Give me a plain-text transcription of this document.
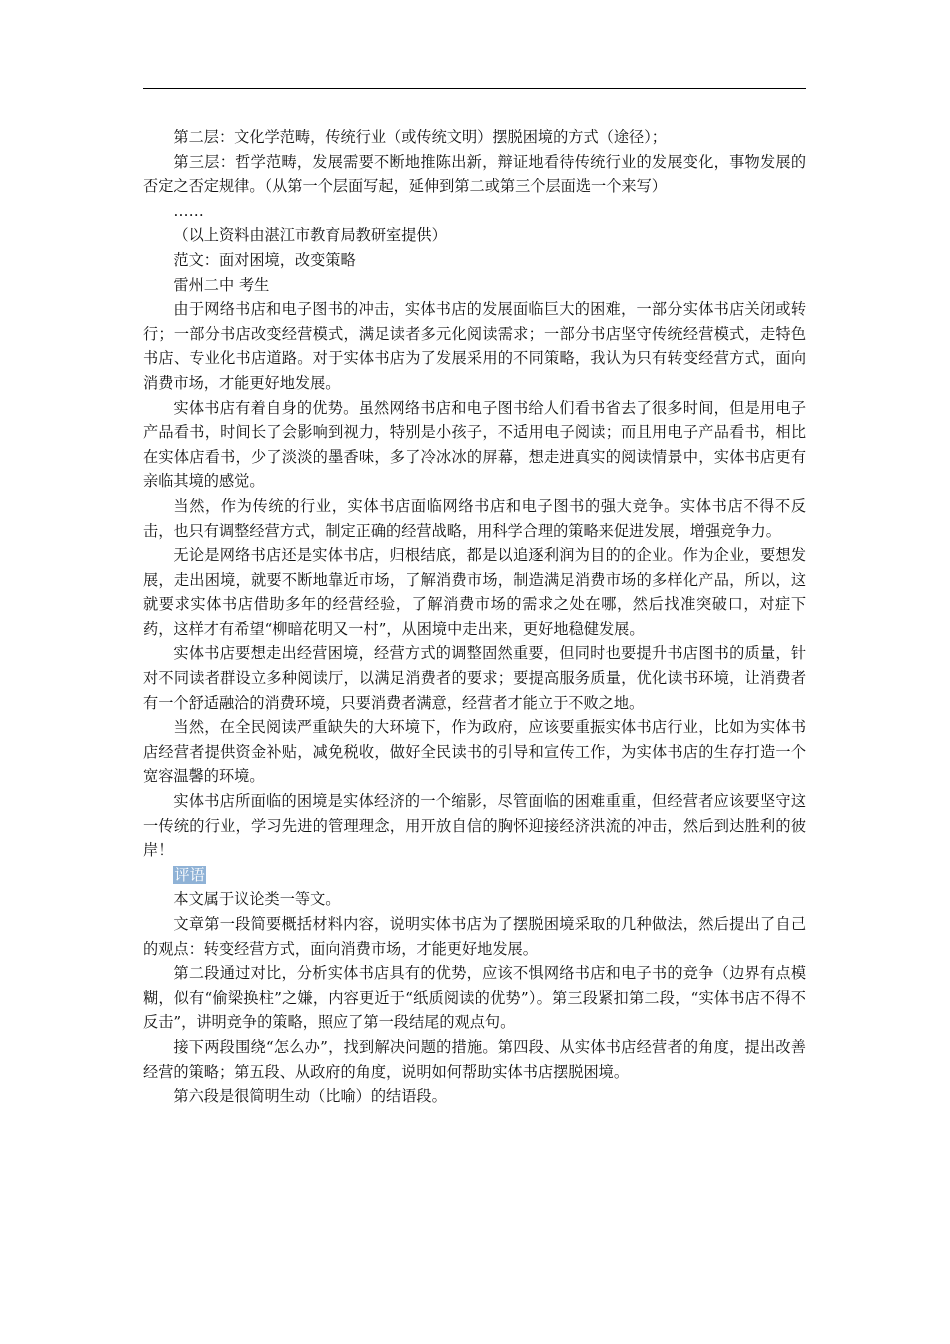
第二层：文化学范畴，传统行业（或传统文明）摆脱困境的方式（途径）；

第三层：哲学范畴，发展需要不断地推陈出新，辩证地看待传统行业的发展变化，事物发展的否定之否定规律。（从第一个层面写起，延伸到第二或第三个层面选一个来写）

……

（以上资料由湛江市教育局教研室提供）

范文：面对困境，改变策略

雷州二中 考生

由于网络书店和电子图书的冲击，实体书店的发展面临巨大的困难，一部分实体书店关闭或转行；一部分书店改变经营模式，满足读者多元化阅读需求；一部分书店坚守传统经营模式，走特色书店、专业化书店道路。对于实体书店为了发展采用的不同策略，我认为只有转变经营方式，面向消费市场，才能更好地发展。

实体书店有着自身的优势。虽然网络书店和电子图书给人们看书省去了很多时间，但是用电子产品看书，时间长了会影响到视力，特别是小孩子，不适用电子阅读；而且用电子产品看书，相比在实体店看书，少了淡淡的墨香味，多了冷冰冰的屏幕，想走进真实的阅读情景中，实体书店更有亲临其境的感觉。

当然，作为传统的行业，实体书店面临网络书店和电子图书的强大竞争。实体书店不得不反击，也只有调整经营方式，制定正确的经营战略，用科学合理的策略来促进发展，增强竞争力。

无论是网络书店还是实体书店，归根结底，都是以追逐利润为目的的企业。作为企业，要想发展，走出困境，就要不断地靠近市场，了解消费市场，制造满足消费市场的多样化产品，所以，这就要求实体书店借助多年的经营经验，了解消费市场的需求之处在哪，然后找准突破口，对症下药，这样才有希望“柳暗花明又一村”，从困境中走出来，更好地稳健发展。

实体书店要想走出经营困境，经营方式的调整固然重要，但同时也要提升书店图书的质量，针对不同读者群设立多种阅读厅，以满足消费者的要求；要提高服务质量，优化读书环境，让消费者有一个舒适融洽的消费环境，只要消费者满意，经营者才能立于不败之地。

当然，在全民阅读严重缺失的大环境下，作为政府，应该要重振实体书店行业，比如为实体书店经营者提供资金补贴，减免税收，做好全民读书的引导和宣传工作，为实体书店的生存打造一个宽容温馨的环境。

实体书店所面临的困境是实体经济的一个缩影，尽管面临的困难重重，但经营者应该要坚守这一传统的行业，学习先进的管理理念，用开放自信的胸怀迎接经济洪流的冲击，然后到达胜利的彼岸！

评语

本文属于议论类一等文。

文章第一段简要概括材料内容，说明实体书店为了摆脱困境采取的几种做法，然后提出了自己的观点：转变经营方式，面向消费市场，才能更好地发展。

第二段通过对比，分析实体书店具有的优势，应该不惧网络书店和电子书的竞争（边界有点模糊，似有“偷梁换柱”之嫌，内容更近于“纸质阅读的优势”）。第三段紧扣第二段，“实体书店不得不反击”，讲明竞争的策略，照应了第一段结尾的观点句。

接下两段围绕“怎么办”，找到解决问题的措施。第四段、从实体书店经营者的角度，提出改善经营的策略；第五段、从政府的角度，说明如何帮助实体书店摆脱困境。

第六段是很简明生动（比喻）的结语段。
